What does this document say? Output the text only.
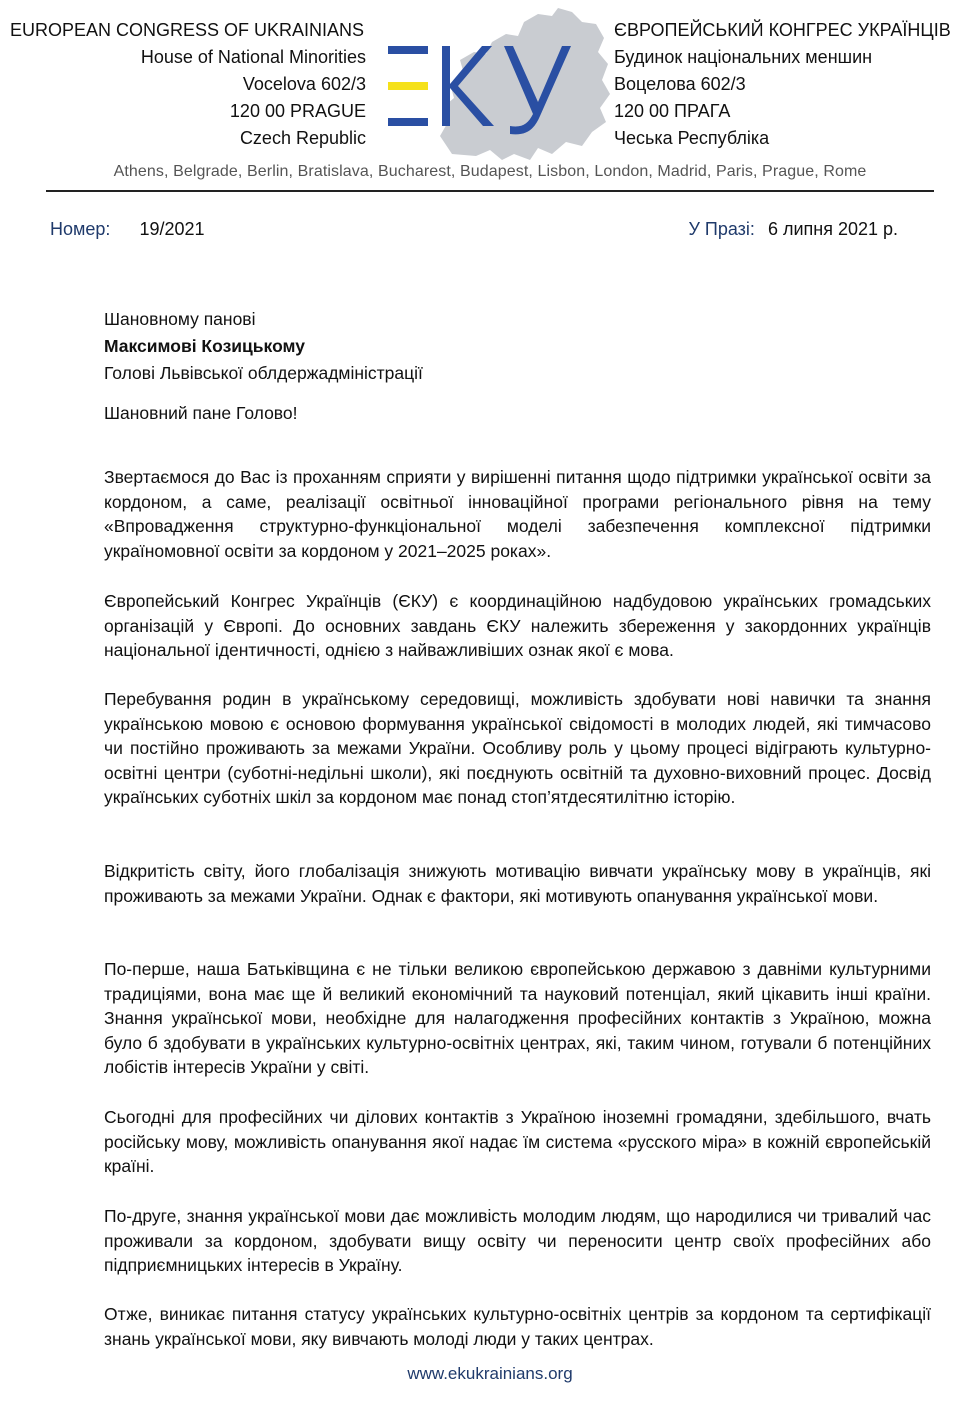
EUROPEAN CONGRESS OF UKRAINIANS
House of National Minorities
Vocelova 602/3
120 00 PRAGUE
Czech Republic
ЄВРОПЕЙСЬКИЙ КОНГРЕС УКРАЇНЦІВ
Будинок національних меншин
Воцелова 602/3
120 00 ПРАГА
Чеська Республіка
Athens, Belgrade, Berlin, Bratislava, Bucharest, Budapest, Lisbon, London, Madrid, Paris, Prague, Rome
Номер: 19/2021	У Празі: 6 липня 2021 р.
Шановному панові
Максимові Козицькому
Голові Львівської облдержадміністрації
Шановний пане Голово!
Звертаємося до Вас із проханням сприяти у вирішенні питання щодо підтримки української освіти за кордоном, а саме, реалізації освітньої інноваційної програми регіонального рівня на тему «Впровадження структурно-функціональної моделі забезпечення комплексної підтримки україномовної освіти за кордоном у 2021–2025 роках».
Європейський Конгрес Українців (ЄКУ) є координаційною надбудовою українських громадських організацій у Європі. До основних завдань ЄКУ належить збереження у закордонних українців національної ідентичності, однією з найважливіших ознак якої є мова.
Перебування родин в українському середовищі, можливість здобувати нові навички та знання українською мовою є основою формування української свідомості в молодих людей, які тимчасово чи постійно проживають за межами України. Особливу роль у цьому процесі відіграють культурно-освітні центри (суботні-недільні школи), які поєднують освітній та духовно-виховний процес. Досвід українських суботніх шкіл за кордоном має понад стоп’ятдесятилітню історію.
Відкритість світу, його глобалізація знижують мотивацію вивчати українську мову в українців, які проживають за межами України. Однак є фактори, які мотивують опанування української мови.
По-перше, наша Батьківщина є не тільки великою європейською державою з давніми культурними традиціями, вона має ще й великий економічний та науковий потенціал, який цікавить інші країни. Знання української мови, необхідне для налагодження професійних контактів з Україною, можна було б здобувати в українських культурно-освітніх центрах, які, таким чином, готували б потенційних лобістів інтересів України у світі.
Сьогодні для професійних чи ділових контактів з Україною іноземні громадяни, здебільшого, вчать російську мову, можливість опанування якої надає їм система «русского міра» в кожній європейській країні.
По-друге, знання української мови дає можливість молодим людям, що народилися чи тривалий час проживали за кордоном, здобувати вищу освіту чи переносити центр своїх професійних або підприємницьких інтересів в Україну.
Отже, виникає питання статусу українських культурно-освітніх центрів за кордоном та сертифікації знань української мови, яку вивчають молоді люди у таких центрах.
www.ekukrainians.org
